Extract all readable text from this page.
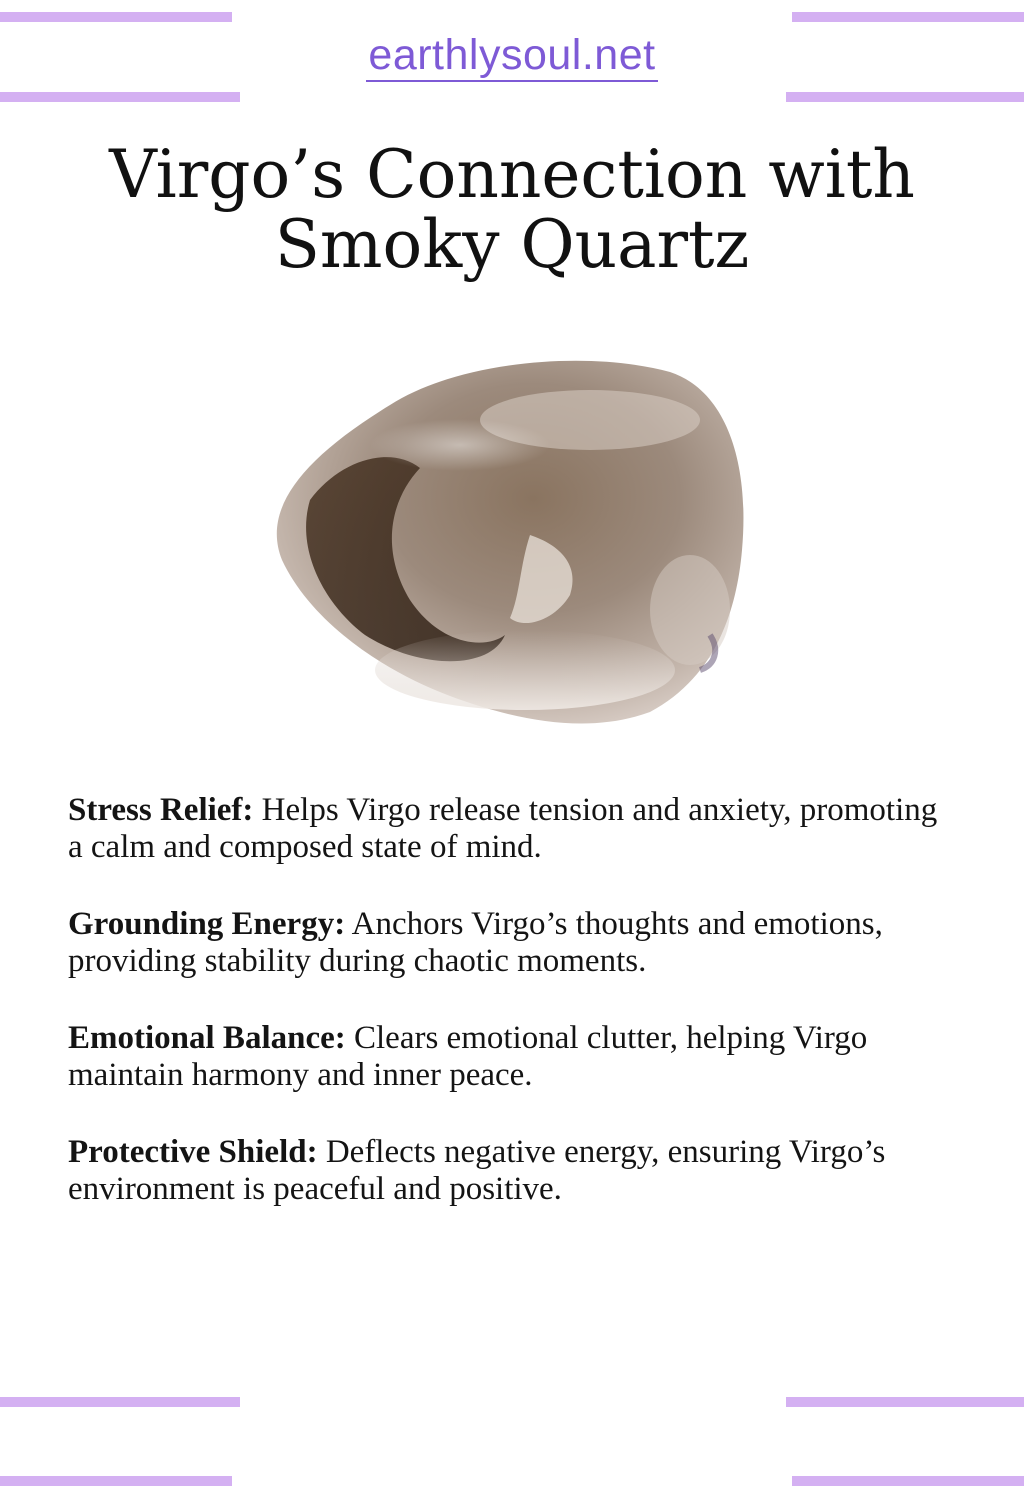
earthlysoul.net
Virgo’s Connection with
Smoky Quartz

Stress Relief: Helps Virgo release tension and anxiety, promoting a calm and composed state of mind.

Grounding Energy: Anchors Virgo’s thoughts and emotions, providing stability during chaotic moments.

Emotional Balance: Clears emotional clutter, helping Virgo maintain harmony and inner peace.

Protective Shield: Deflects negative energy, ensuring Virgo’s environment is peaceful and positive.
